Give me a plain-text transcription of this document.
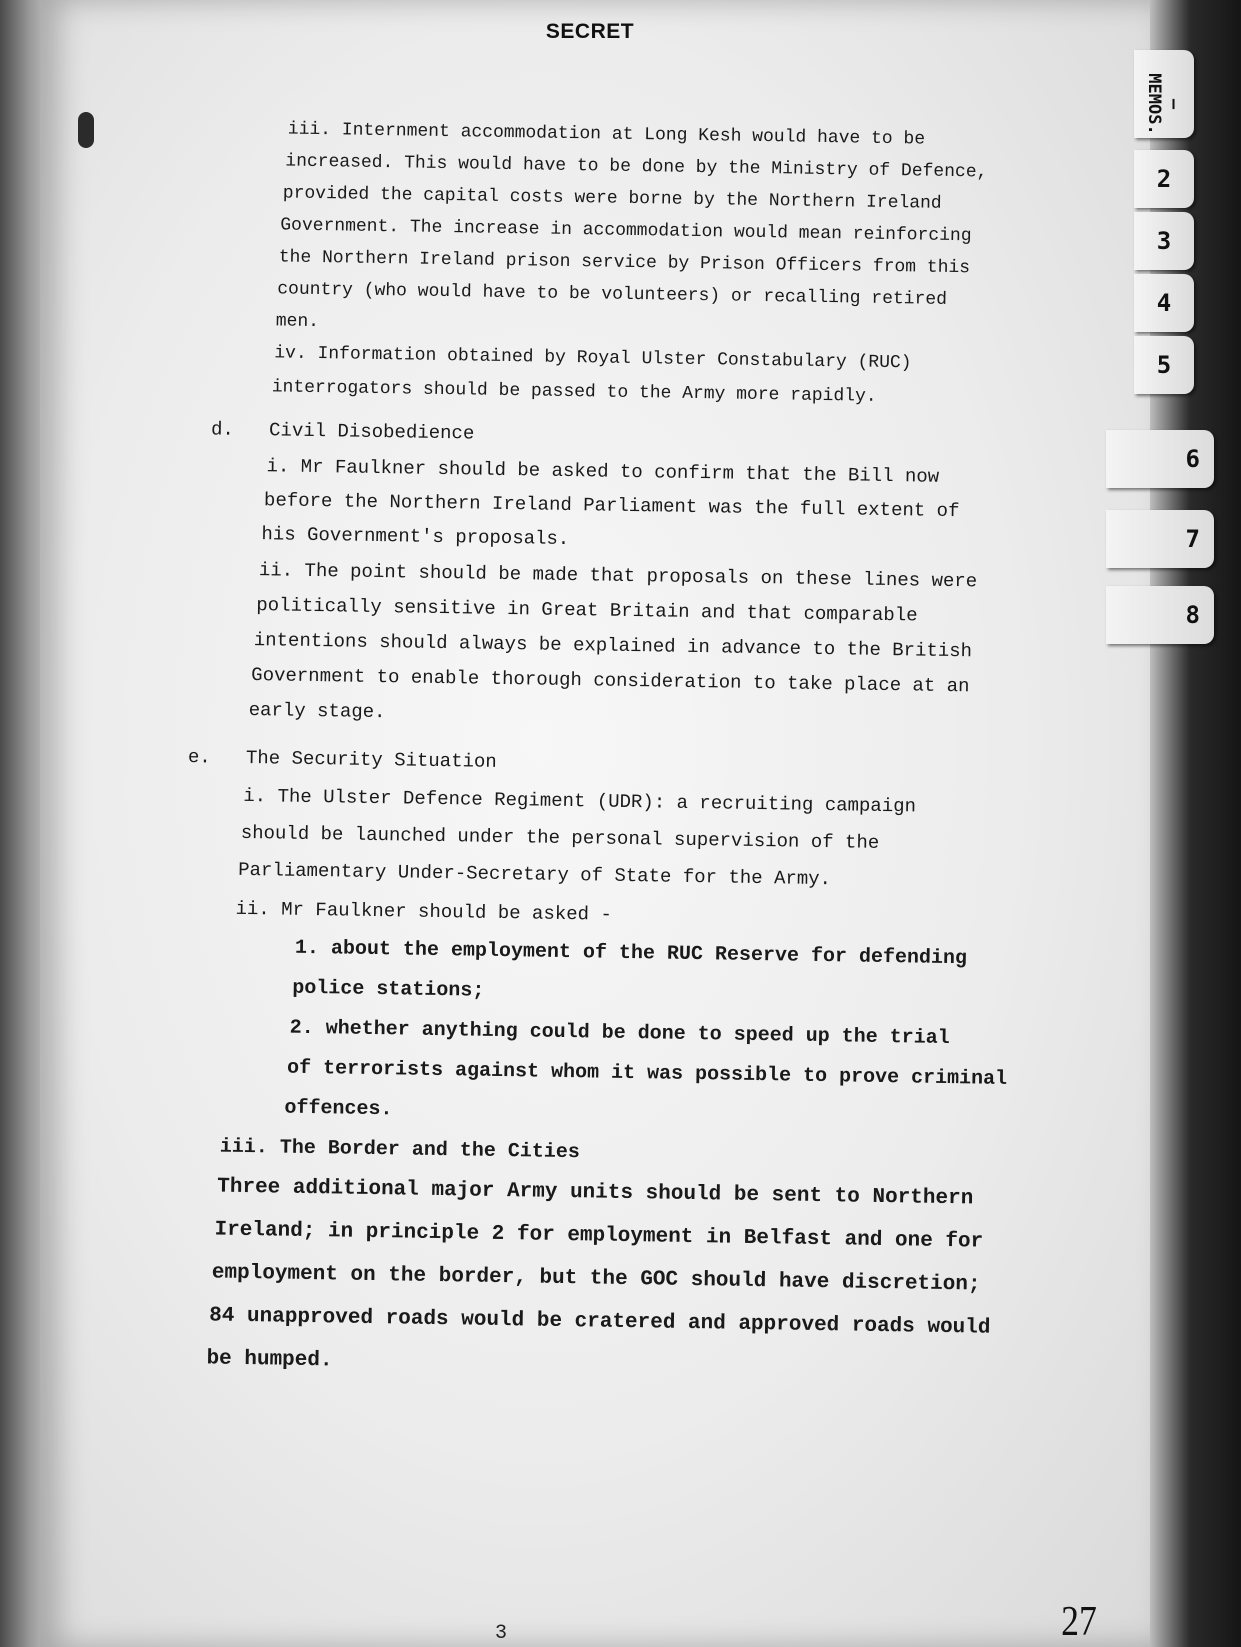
SECRET
iii. Internment accommodation at Long Kesh would have to be
increased. This would have to be done by the Ministry of Defence,
provided the capital costs were borne by the Northern Ireland
Government. The increase in accommodation would mean reinforcing
the Northern Ireland prison service by Prison Officers from this
country (who would have to be volunteers) or recalling retired
men.
iv. Information obtained by Royal Ulster Constabulary (RUC)
interrogators should be passed to the Army more rapidly.
d. Civil Disobedience
i. Mr Faulkner should be asked to confirm that the Bill now
before the Northern Ireland Parliament was the full extent of
his Government's proposals.
ii. The point should be made that proposals on these lines were
politically sensitive in Great Britain and that comparable
intentions should always be explained in advance to the British
Government to enable thorough consideration to take place at an
early stage.
e. The Security Situation
i. The Ulster Defence Regiment (UDR): a recruiting campaign
should be launched under the personal supervision of the
Parliamentary Under-Secretary of State for the Army.
ii. Mr Faulkner should be asked -
1. about the employment of the RUC Reserve for defending
police stations;
2. whether anything could be done to speed up the trial
of terrorists against whom it was possible to prove criminal
offences.
iii. The Border and the Cities
Three additional major Army units should be sent to Northern
Ireland; in principle 2 for employment in Belfast and one for
employment on the border, but the GOC should have discretion;
84 unapproved roads would be cratered and approved roads would
be humped.
3
— MEMOS.
2
3
4
5
6
7
8
27
